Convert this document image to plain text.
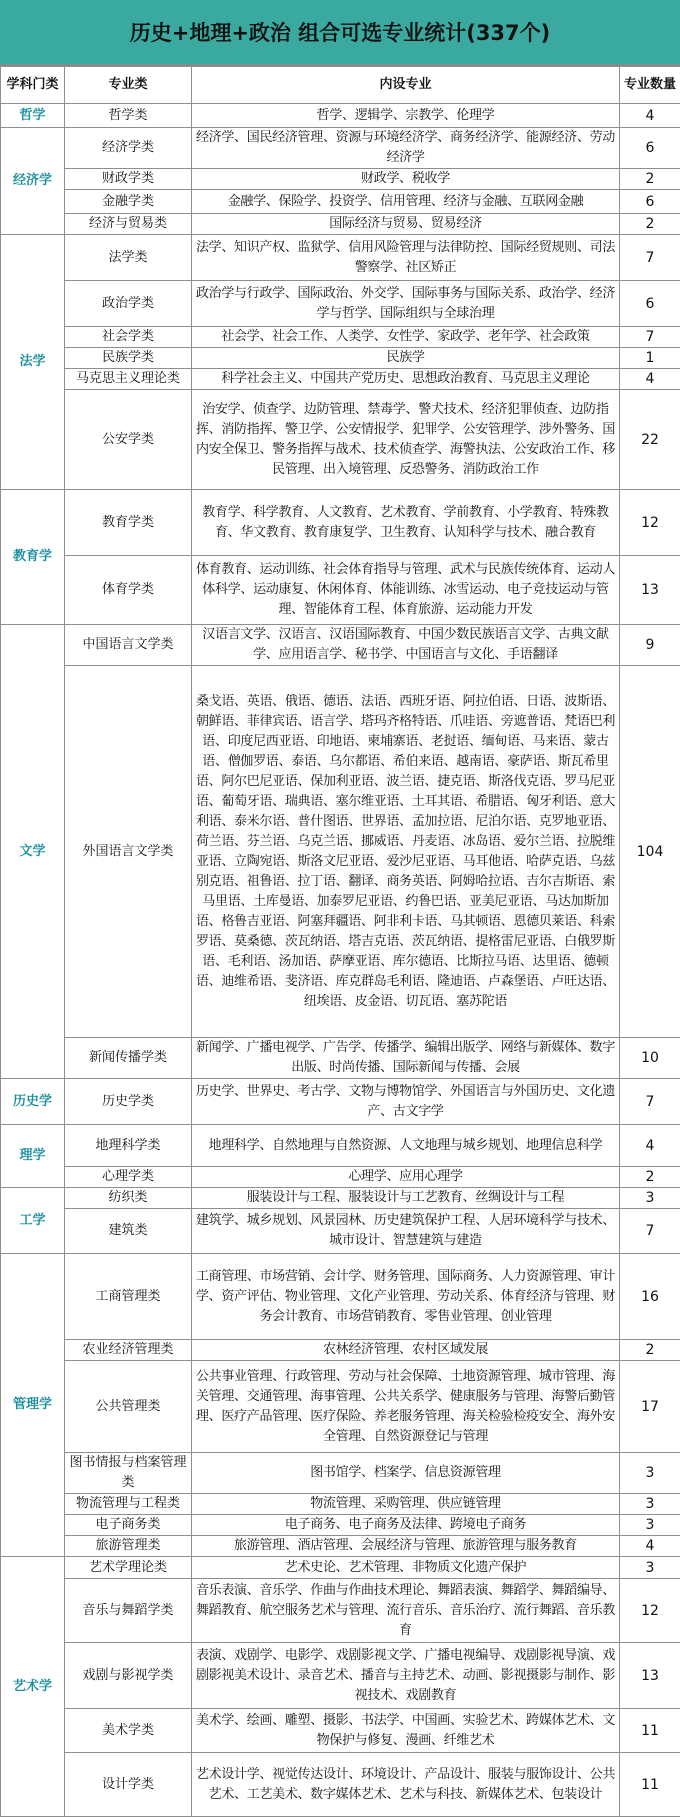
历史+地理+政治 组合可选专业统计(337个)
学科门类	专业类	内设专业	专业数量
哲学	哲学类	哲学、逻辑学、宗教学、伦理学	4
经济学	经济学类	经济学、国民经济管理、资源与环境经济学、商务经济学、能源经济、劳动经济学	6
	财政学类	财政学、税收学	2
	金融学类	金融学、保险学、投资学、信用管理、经济与金融、互联网金融	6
	经济与贸易类	国际经济与贸易、贸易经济	2
法学	法学类	法学、知识产权、监狱学、信用风险管理与法律防控、国际经贸规则、司法警察学、社区矫正	7
	政治学类	政治学与行政学、国际政治、外交学、国际事务与国际关系、政治学、经济学与哲学、国际组织与全球治理	6
	社会学类	社会学、社会工作、人类学、女性学、家政学、老年学、社会政策	7
	民族学类	民族学	1
	马克思主义理论类	科学社会主义、中国共产党历史、思想政治教育、马克思主义理论	4
	公安学类	治安学、侦查学、边防管理、禁毒学、警犬技术、经济犯罪侦查、边防指挥、消防指挥、警卫学、公安情报学、犯罪学、公安管理学、涉外警务、国内安全保卫、警务指挥与战术、技术侦查学、海警执法、公安政治工作、移民管理、出入境管理、反恐警务、消防政治工作	22
教育学	教育学类	教育学、科学教育、人文教育、艺术教育、学前教育、小学教育、特殊教育、华文教育、教育康复学、卫生教育、认知科学与技术、融合教育	12
	体育学类	体育教育、运动训练、社会体育指导与管理、武术与民族传统体育、运动人体科学、运动康复、休闲体育、体能训练、冰雪运动、电子竞技运动与管理、智能体育工程、体育旅游、运动能力开发	13
文学	中国语言文学类	汉语言文学、汉语言、汉语国际教育、中国少数民族语言文学、古典文献学、应用语言学、秘书学、中国语言与文化、手语翻译	9
	外国语言文学类	桑戈语、英语、俄语、德语、法语、西班牙语、阿拉伯语、日语、波斯语、朝鲜语、菲律宾语、语言学、塔玛齐格特语、爪哇语、旁遮普语、梵语巴利语、印度尼西亚语、印地语、柬埔寨语、老挝语、缅甸语、马来语、蒙古语、僧伽罗语、泰语、乌尔都语、希伯来语、越南语、豪萨语、斯瓦希里语、阿尔巴尼亚语、保加利亚语、波兰语、捷克语、斯洛伐克语、罗马尼亚语、葡萄牙语、瑞典语、塞尔维亚语、土耳其语、希腊语、匈牙利语、意大利语、泰米尔语、普什图语、世界语、孟加拉语、尼泊尔语、克罗地亚语、荷兰语、芬兰语、乌克兰语、挪威语、丹麦语、冰岛语、爱尔兰语、拉脱维亚语、立陶宛语、斯洛文尼亚语、爱沙尼亚语、马耳他语、哈萨克语、乌兹别克语、祖鲁语、拉丁语、翻译、商务英语、阿姆哈拉语、吉尔吉斯语、索马里语、土库曼语、加泰罗尼亚语、约鲁巴语、亚美尼亚语、马达加斯加语、格鲁吉亚语、阿塞拜疆语、阿非利卡语、马其顿语、恩德贝莱语、科索罗语、莫桑德、茨瓦纳语、塔吉克语、茨瓦纳语、提格雷尼亚语、白俄罗斯语、毛利语、汤加语、萨摩亚语、库尔德语、比斯拉马语、达里语、德顿语、迪维希语、斐济语、库克群岛毛利语、隆迪语、卢森堡语、卢旺达语、纽埃语、皮金语、切瓦语、塞苏陀语	104
	新闻传播学类	新闻学、广播电视学、广告学、传播学、编辑出版学、网络与新媒体、数字出版、时尚传播、国际新闻与传播、会展	10
历史学	历史学类	历史学、世界史、考古学、文物与博物馆学、外国语言与外国历史、文化遗产、古文字学	7
理学	地理科学类	地理科学、自然地理与自然资源、人文地理与城乡规划、地理信息科学	4
	心理学类	心理学、应用心理学	2
工学	纺织类	服装设计与工程、服装设计与工艺教育、丝绸设计与工程	3
	建筑类	建筑学、城乡规划、风景园林、历史建筑保护工程、人居环境科学与技术、城市设计、智慧建筑与建造	7
管理学	工商管理类	工商管理、市场营销、会计学、财务管理、国际商务、人力资源管理、审计学、资产评估、物业管理、文化产业管理、劳动关系、体育经济与管理、财务会计教育、市场营销教育、零售业管理、创业管理	16
	农业经济管理类	农林经济管理、农村区域发展	2
	公共管理类	公共事业管理、行政管理、劳动与社会保障、土地资源管理、城市管理、海关管理、交通管理、海事管理、公共关系学、健康服务与管理、海警后勤管理、医疗产品管理、医疗保险、养老服务管理、海关检验检疫安全、海外安全管理、自然资源登记与管理	17
	图书情报与档案管理类	图书馆学、档案学、信息资源管理	3
	物流管理与工程类	物流管理、采购管理、供应链管理	3
	电子商务类	电子商务、电子商务及法律、跨境电子商务	3
	旅游管理类	旅游管理、酒店管理、会展经济与管理、旅游管理与服务教育	4
艺术学	艺术学理论类	艺术史论、艺术管理、非物质文化遗产保护	3
	音乐与舞蹈学类	音乐表演、音乐学、作曲与作曲技术理论、舞蹈表演、舞蹈学、舞蹈编导、舞蹈教育、航空服务艺术与管理、流行音乐、音乐治疗、流行舞蹈、音乐教育	12
	戏剧与影视学类	表演、戏剧学、电影学、戏剧影视文学、广播电视编导、戏剧影视导演、戏剧影视美术设计、录音艺术、播音与主持艺术、动画、影视摄影与制作、影视技术、戏剧教育	13
	美术学类	美术学、绘画、雕塑、摄影、书法学、中国画、实验艺术、跨媒体艺术、文物保护与修复、漫画、纤维艺术	11
	设计学类	艺术设计学、视觉传达设计、环境设计、产品设计、服装与服饰设计、公共艺术、工艺美术、数字媒体艺术、艺术与科技、新媒体艺术、包装设计	11
